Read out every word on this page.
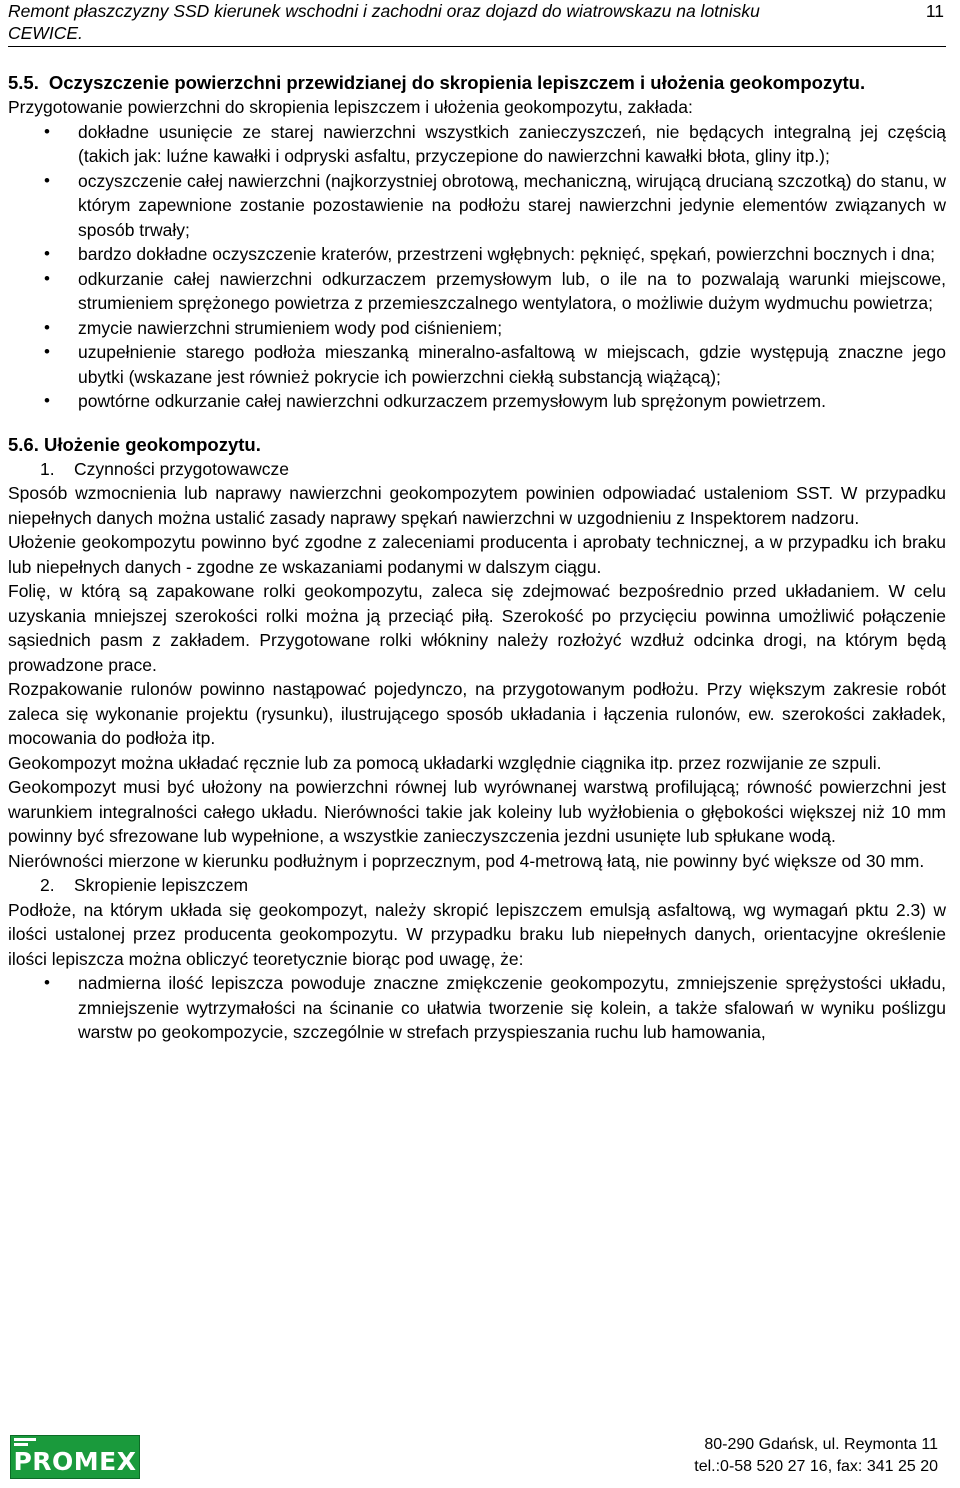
Remont płaszczyzny SSD kierunek wschodni i zachodni oraz dojazd do wiatrowskazu na lotnisku CEWICE.
11
5.5. Oczyszczenie powierzchni przewidzianej do skropienia lepiszczem i ułożenia geokompozytu.

Przygotowanie powierzchni do skropienia lepiszczem i ułożenia geokompozytu, zakłada:

• dokładne usunięcie ze starej nawierzchni wszystkich zanieczyszczeń, nie będących integralną jej częścią (takich jak: luźne kawałki i odpryski asfaltu, przyczepione do nawierzchni kawałki błota, gliny itp.);
• oczyszczenie całej nawierzchni (najkorzystniej obrotową, mechaniczną, wirującą drucianą szczotką) do stanu, w którym zapewnione zostanie pozostawienie na podłożu starej nawierzchni jedynie elementów związanych w sposób trwały;
• bardzo dokładne oczyszczenie kraterów, przestrzeni wgłębnych: pęknięć, spękań, powierzchni bocznych i dna;
• odkurzanie całej nawierzchni odkurzaczem przemysłowym lub, o ile na to pozwalają warunki miejscowe, strumieniem sprężonego powietrza z przemieszczalnego wentylatora, o możliwie dużym wydmuchu powietrza;
• zmycie nawierzchni strumieniem wody pod ciśnieniem;
• uzupełnienie starego podłoża mieszanką mineralno-asfaltową w miejscach, gdzie występują znaczne jego ubytki (wskazane jest również pokrycie ich powierzchni ciekłą substancją wiążącą);
• powtórne odkurzanie całej nawierzchni odkurzaczem przemysłowym lub sprężonym powietrzem.
5.6. Ułożenie geokompozytu.
1. Czynności przygotowawcze

Sposób wzmocnienia lub naprawy nawierzchni geokompozytem powinien odpowiadać ustaleniom SST. W przypadku niepełnych danych można ustalić zasady naprawy spękań nawierzchni w uzgodnieniu z Inspektorem nadzoru.

Ułożenie geokompozytu powinno być zgodne z zaleceniami producenta i aprobaty technicznej, a w przypadku ich braku lub niepełnych danych - zgodne ze wskazaniami podanymi w dalszym ciągu.

Folię, w którą są zapakowane rolki geokompozytu, zaleca się zdejmować bezpośrednio przed układaniem. W celu uzyskania mniejszej szerokości rolki można ją przeciąć piłą. Szerokość po przycięciu powinna umożliwić połączenie sąsiednich pasm z zakładem. Przygotowane rolki włókniny należy rozłożyć wzdłuż odcinka drogi, na którym będą prowadzone prace.

Rozpakowanie rulonów powinno nastąpować pojedynczo, na przygotowanym podłożu. Przy większym zakresie robót zaleca się wykonanie projektu (rysunku), ilustrującego sposób układania i łączenia rulonów, ew. szerokości zakładek, mocowania do podłoża itp.

Geokompozyt można układać ręcznie lub za pomocą układarki względnie ciągnika itp. przez rozwijanie ze szpuli.

Geokompozyt musi być ułożony na powierzchni równej lub wyrównanej warstwą profilującą; równość powierzchni jest warunkiem integralności całego układu. Nierówności takie jak koleiny lub wyżłobienia o głębokości większej niż 10 mm powinny być sfrezowane lub wypełnione, a wszystkie zanieczyszczenia jezdni usunięte lub spłukane wodą.

Nierówności mierzone w kierunku podłużnym i poprzecznym, pod 4-metrową łatą, nie powinny być większe od 30 mm.

2. Skropienie lepiszczem

Podłoże, na którym układa się geokompozyt, należy skropić lepiszczem emulsją asfaltową, wg wymagań pktu 2.3) w ilości ustalonej przez producenta geokompozytu. W przypadku braku lub niepełnych danych, orientacyjne określenie ilości lepiszcza można obliczyć teoretycznie biorąc pod uwagę, że:

• nadmierna ilość lepiszcza powoduje znaczne zmiękczenie geokompozytu, zmniejszenie sprężystości układu, zmniejszenie wytrzymałości na ścinanie co ułatwia tworzenie się kolein, a także sfalowań w wyniku poślizgu warstw po geokompozycie, szczególnie w strefach przyspieszania ruchu lub hamowania,
PROMEX
80-290 Gdańsk, ul. Reymonta 11
tel.:0-58 520 27 16, fax: 341 25 20
